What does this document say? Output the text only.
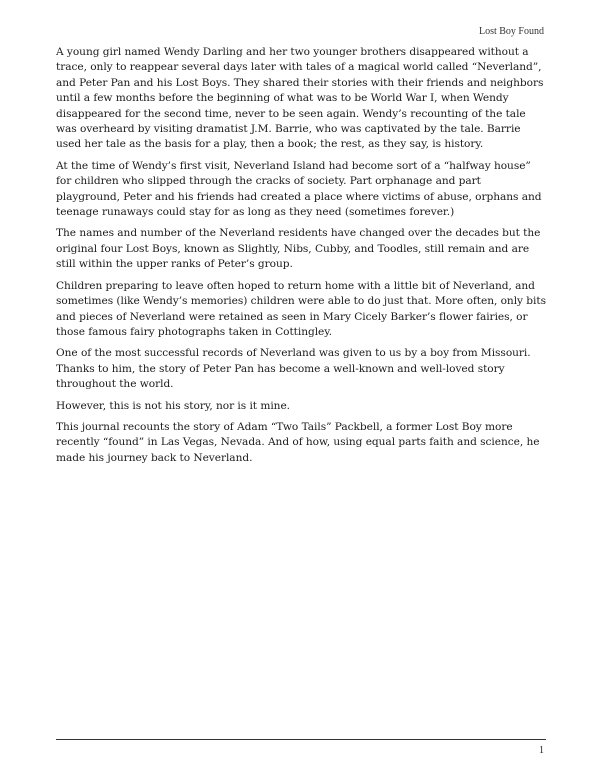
Lost Boy Found

A young girl named Wendy Darling and her two younger brothers disappeared without a trace, only to reappear several days later with tales of a magical world called “Neverland”, and Peter Pan and his Lost Boys. They shared their stories with their friends and neighbors until a few months before the beginning of what was to be World War I, when Wendy disappeared for the second time, never to be seen again. Wendy’s recounting of the tale was overheard by visiting dramatist J.M. Barrie, who was captivated by the tale. Barrie used her tale as the basis for a play, then a book; the rest, as they say, is history.

At the time of Wendy’s first visit, Neverland Island had become sort of a “halfway house” for children who slipped through the cracks of society. Part orphanage and part playground, Peter and his friends had created a place where victims of abuse, orphans and teenage runaways could stay for as long as they need (sometimes forever.)

The names and number of the Neverland residents have changed over the decades but the original four Lost Boys, known as Slightly, Nibs, Cubby, and Toodles, still remain and are still within the upper ranks of Peter’s group.

Children preparing to leave often hoped to return home with a little bit of Neverland, and sometimes (like Wendy’s memories) children were able to do just that. More often, only bits and pieces of Neverland were retained as seen in Mary Cicely Barker’s flower fairies, or those famous fairy photographs taken in Cottingley.

One of the most successful records of Neverland was given to us by a boy from Missouri. Thanks to him, the story of Peter Pan has become a well-known and well-loved story throughout the world.

However, this is not his story, nor is it mine.

This journal recounts the story of Adam “Two Tails” Packbell, a former Lost Boy more recently “found” in Las Vegas, Nevada. And of how, using equal parts faith and science, he made his journey back to Neverland.

1
